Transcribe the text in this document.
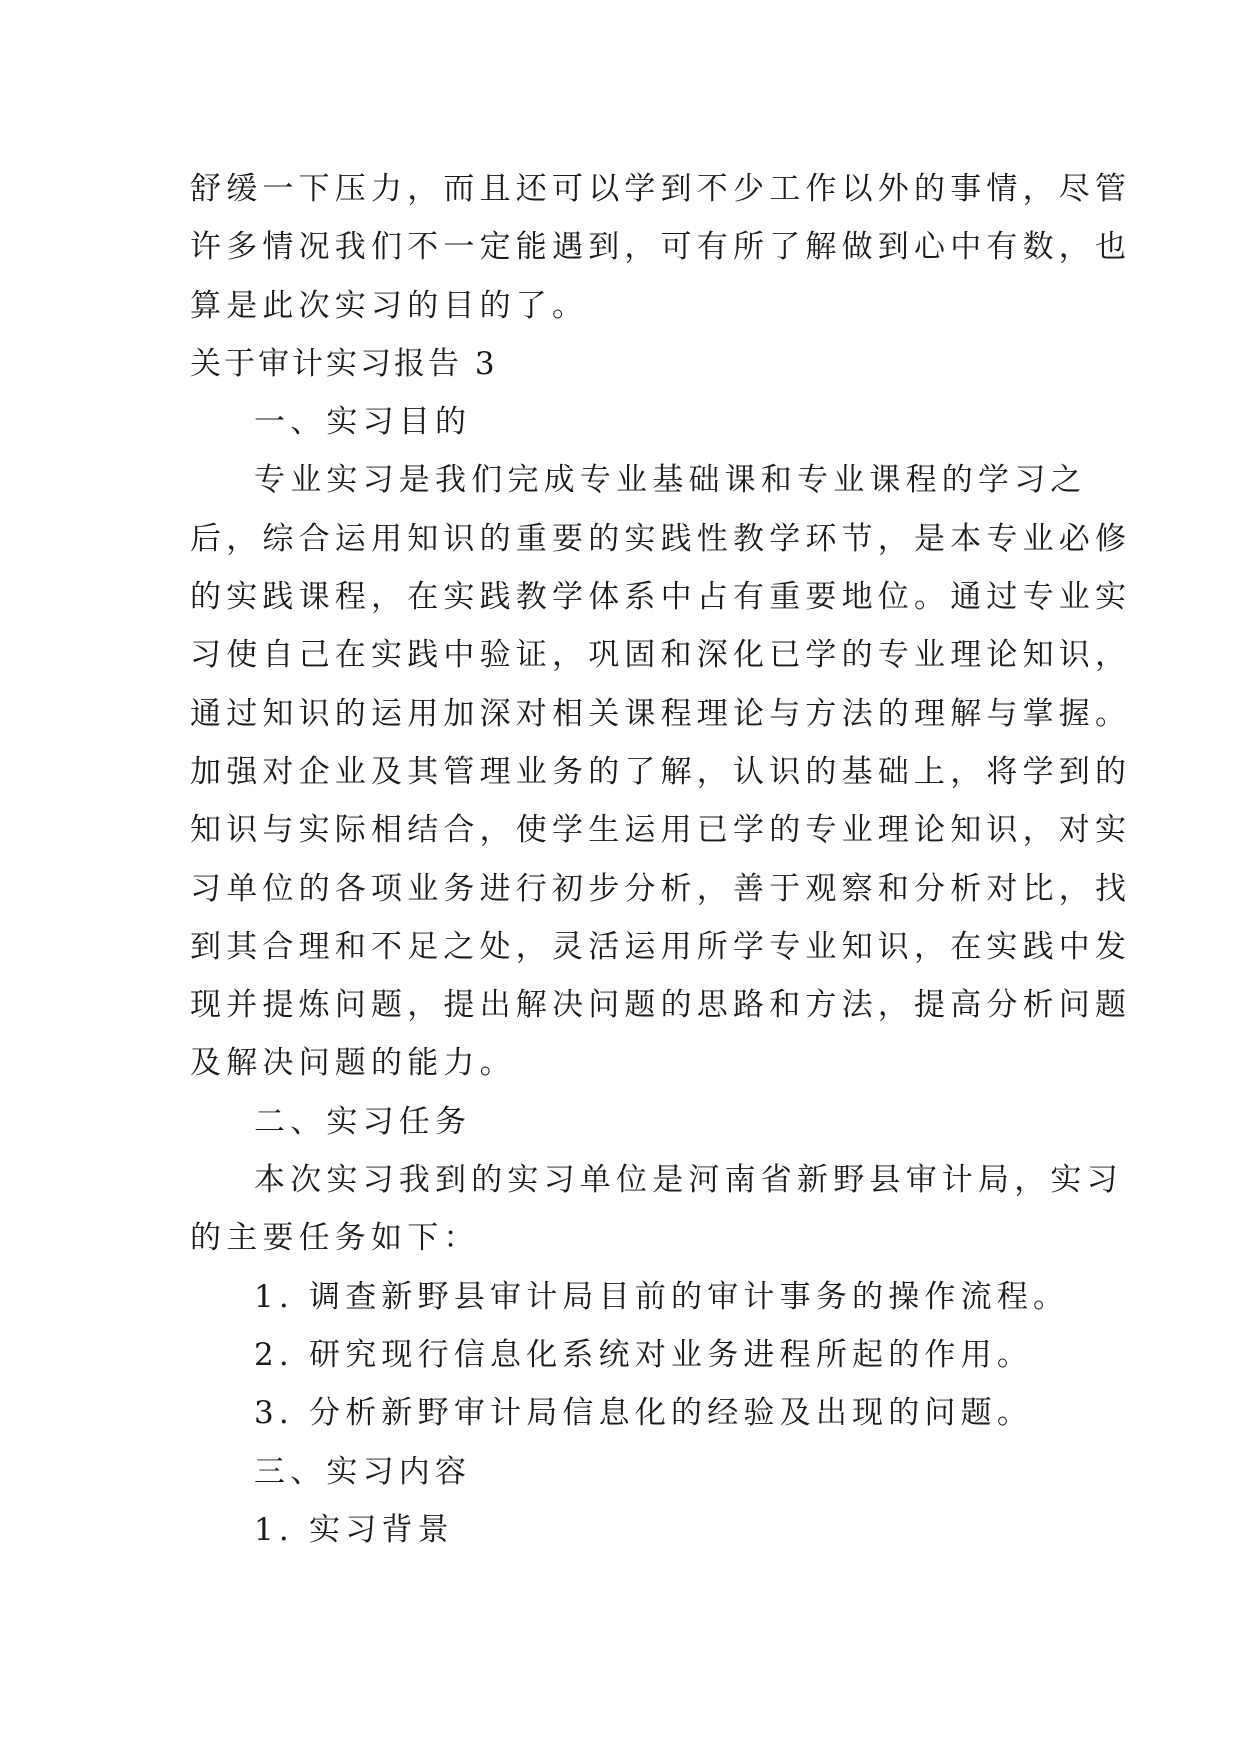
舒缓一下压力，而且还可以学到不少工作以外的事情，尽管
许多情况我们不一定能遇到，可有所了解做到心中有数，也
算是此次实习的目的了。
关于审计实习报告 3
一、实习目的
专业实习是我们完成专业基础课和专业课程的学习之
后，综合运用知识的重要的实践性教学环节，是本专业必修
的实践课程，在实践教学体系中占有重要地位。通过专业实
习使自己在实践中验证，巩固和深化已学的专业理论知识，
通过知识的运用加深对相关课程理论与方法的理解与掌握。
加强对企业及其管理业务的了解，认识的基础上，将学到的
知识与实际相结合，使学生运用已学的专业理论知识，对实
习单位的各项业务进行初步分析，善于观察和分析对比，找
到其合理和不足之处，灵活运用所学专业知识，在实践中发
现并提炼问题，提出解决问题的思路和方法，提高分析问题
及解决问题的能力。
二、实习任务
本次实习我到的实习单位是河南省新野县审计局，实习
的主要任务如下：
1. 调查新野县审计局目前的审计事务的操作流程。
2. 研究现行信息化系统对业务进程所起的作用。
3. 分析新野审计局信息化的经验及出现的问题。
三、实习内容
1. 实习背景
